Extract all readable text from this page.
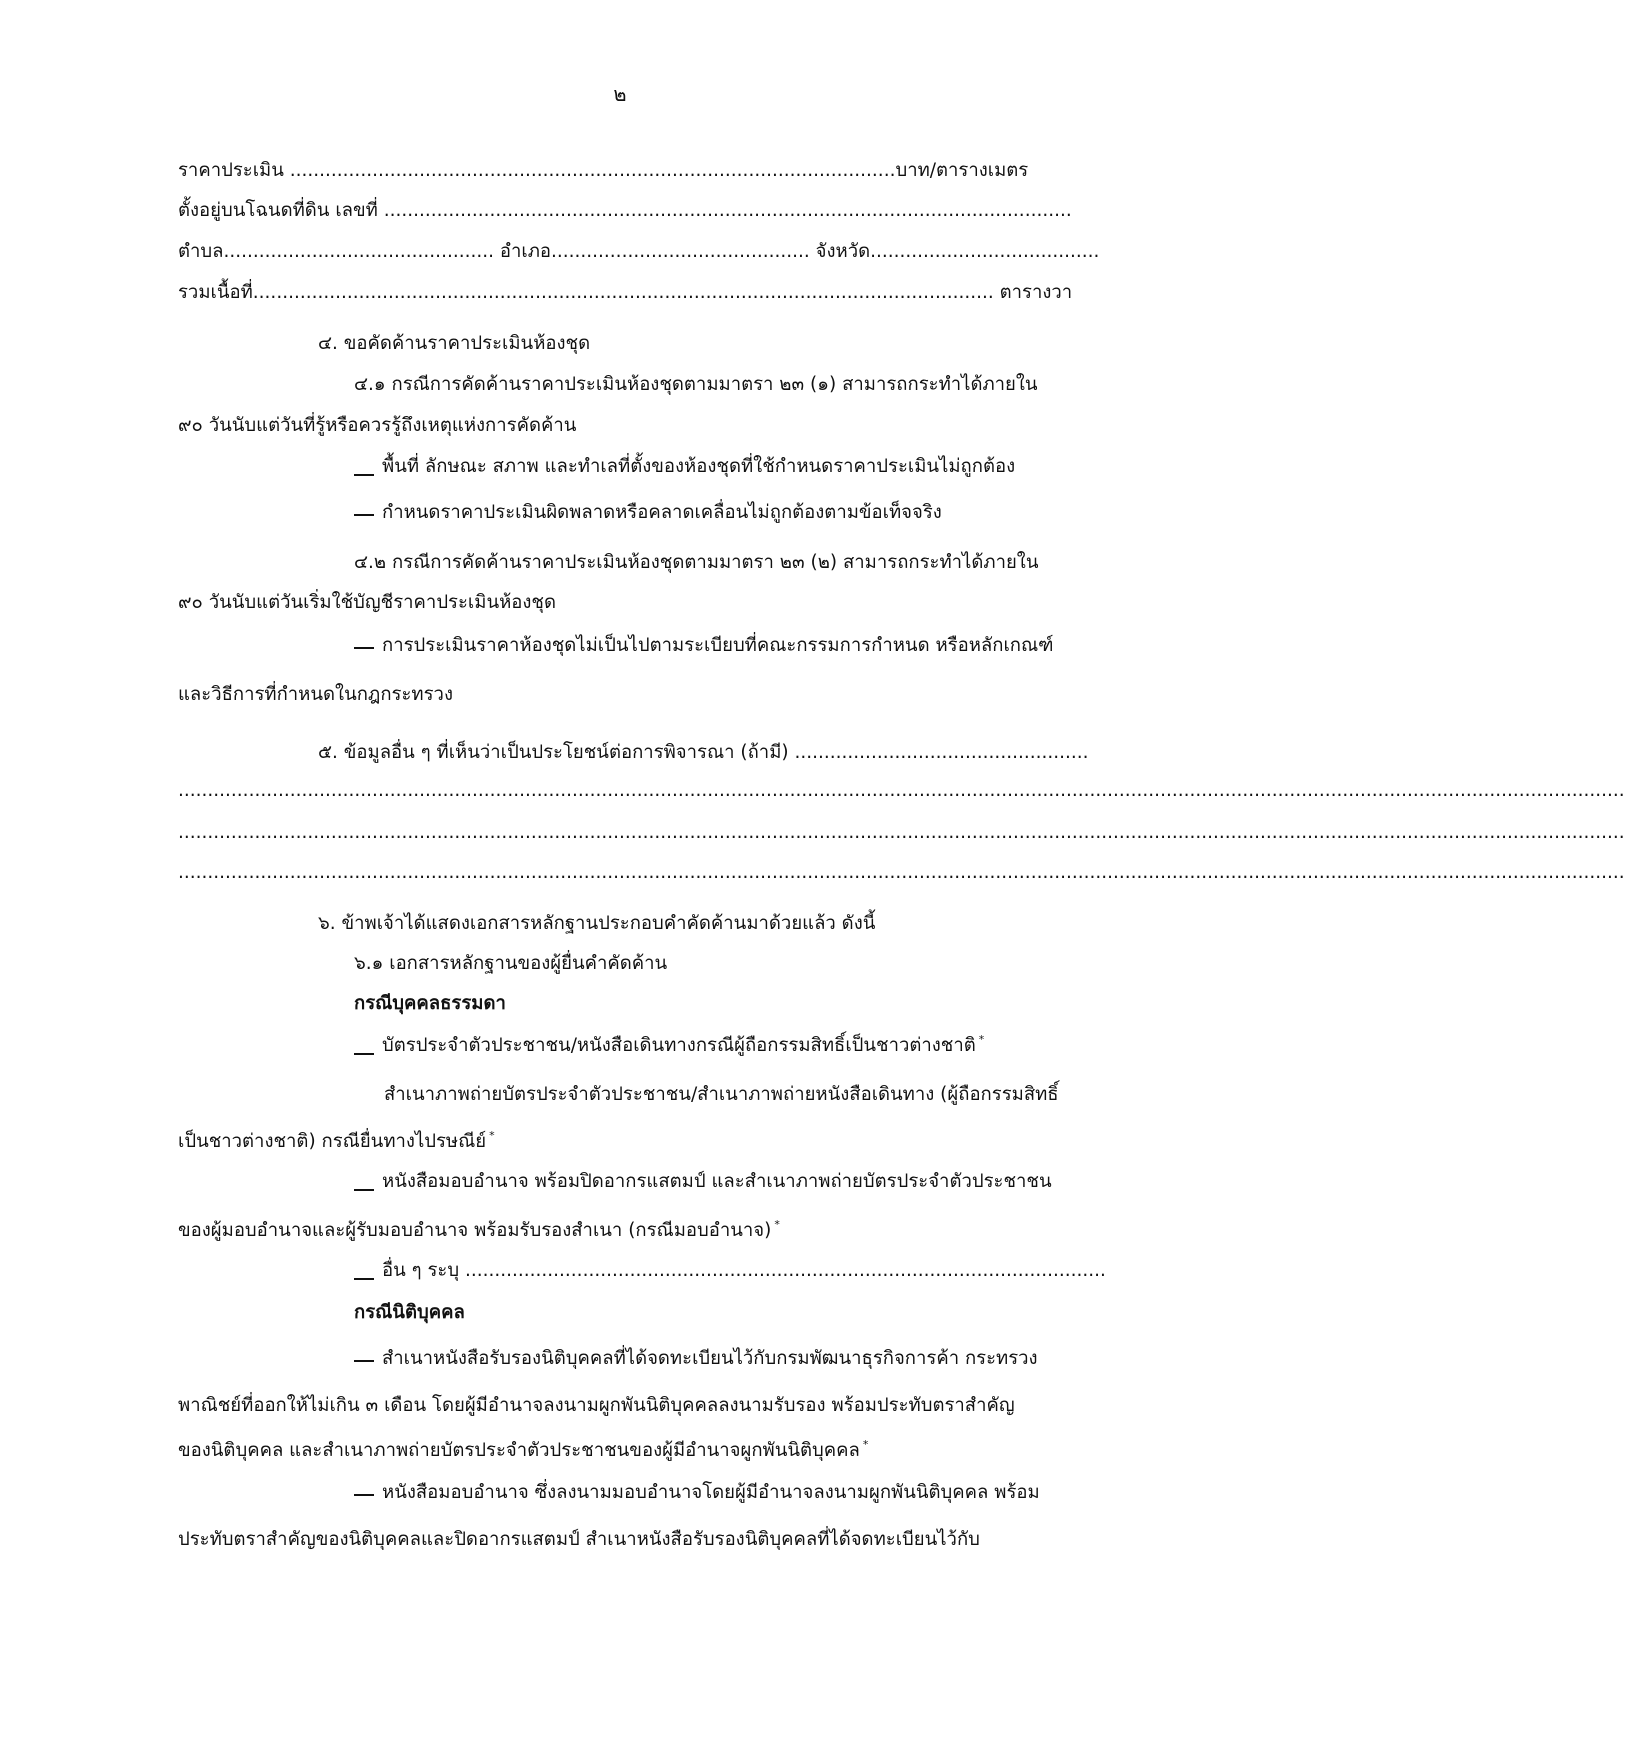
๒
ราคาประเมิน .......................................................................................................บาท/ตารางเมตร
ตั้งอยู่บนโฉนดที่ดิน เลขที่ .....................................................................................................................
ตำบล.............................................. อำเภอ............................................ จังหวัด.......................................
รวมเนื้อที่.............................................................................................................................. ตารางวา
๔. ขอคัดค้านราคาประเมินห้องชุด
๔.๑ กรณีการคัดค้านราคาประเมินห้องชุดตามมาตรา ๒๓ (๑) สามารถกระทำได้ภายใน
๙๐ วันนับแต่วันที่รู้หรือควรรู้ถึงเหตุแห่งการคัดค้าน
พื้นที่ ลักษณะ สภาพ และทำเลที่ตั้งของห้องชุดที่ใช้กำหนดราคาประเมินไม่ถูกต้อง
กำหนดราคาประเมินผิดพลาดหรือคลาดเคลื่อนไม่ถูกต้องตามข้อเท็จจริง
๔.๒ กรณีการคัดค้านราคาประเมินห้องชุดตามมาตรา ๒๓ (๒) สามารถกระทำได้ภายใน
๙๐ วันนับแต่วันเริ่มใช้บัญชีราคาประเมินห้องชุด
การประเมินราคาห้องชุดไม่เป็นไปตามระเบียบที่คณะกรรมการกำหนด หรือหลักเกณฑ์
และวิธีการที่กำหนดในกฎกระทรวง
๕. ข้อมูลอื่น ๆ ที่เห็นว่าเป็นประโยชน์ต่อการพิจารณา (ถ้ามี) ..................................................
......................................................................................................................................................................................................................................................
......................................................................................................................................................................................................................................................
......................................................................................................................................................................................................................................................
๖. ข้าพเจ้าได้แสดงเอกสารหลักฐานประกอบคำคัดค้านมาด้วยแล้ว ดังนี้
๖.๑ เอกสารหลักฐานของผู้ยื่นคำคัดค้าน
กรณีบุคคลธรรมดา
บัตรประจำตัวประชาชน/หนังสือเดินทางกรณีผู้ถือกรรมสิทธิ์เป็นชาวต่างชาติ *
สำเนาภาพถ่ายบัตรประจำตัวประชาชน/สำเนาภาพถ่ายหนังสือเดินทาง (ผู้ถือกรรมสิทธิ์
เป็นชาวต่างชาติ) กรณียื่นทางไปรษณีย์ *
หนังสือมอบอำนาจ พร้อมปิดอากรแสตมป์ และสำเนาภาพถ่ายบัตรประจำตัวประชาชน
ของผู้มอบอำนาจและผู้รับมอบอำนาจ พร้อมรับรองสำเนา (กรณีมอบอำนาจ) *
อื่น ๆ ระบุ .............................................................................................................
กรณีนิติบุคคล
สำเนาหนังสือรับรองนิติบุคคลที่ได้จดทะเบียนไว้กับกรมพัฒนาธุรกิจการค้า กระทรวง
พาณิชย์ที่ออกให้ไม่เกิน ๓ เดือน โดยผู้มีอำนาจลงนามผูกพันนิติบุคคลลงนามรับรอง พร้อมประทับตราสำคัญ
ของนิติบุคคล และสำเนาภาพถ่ายบัตรประจำตัวประชาชนของผู้มีอำนาจผูกพันนิติบุคคล *
หนังสือมอบอำนาจ ซึ่งลงนามมอบอำนาจโดยผู้มีอำนาจลงนามผูกพันนิติบุคคล พร้อม
ประทับตราสำคัญของนิติบุคคลและปิดอากรแสตมป์ สำเนาหนังสือรับรองนิติบุคคลที่ได้จดทะเบียนไว้กับ
